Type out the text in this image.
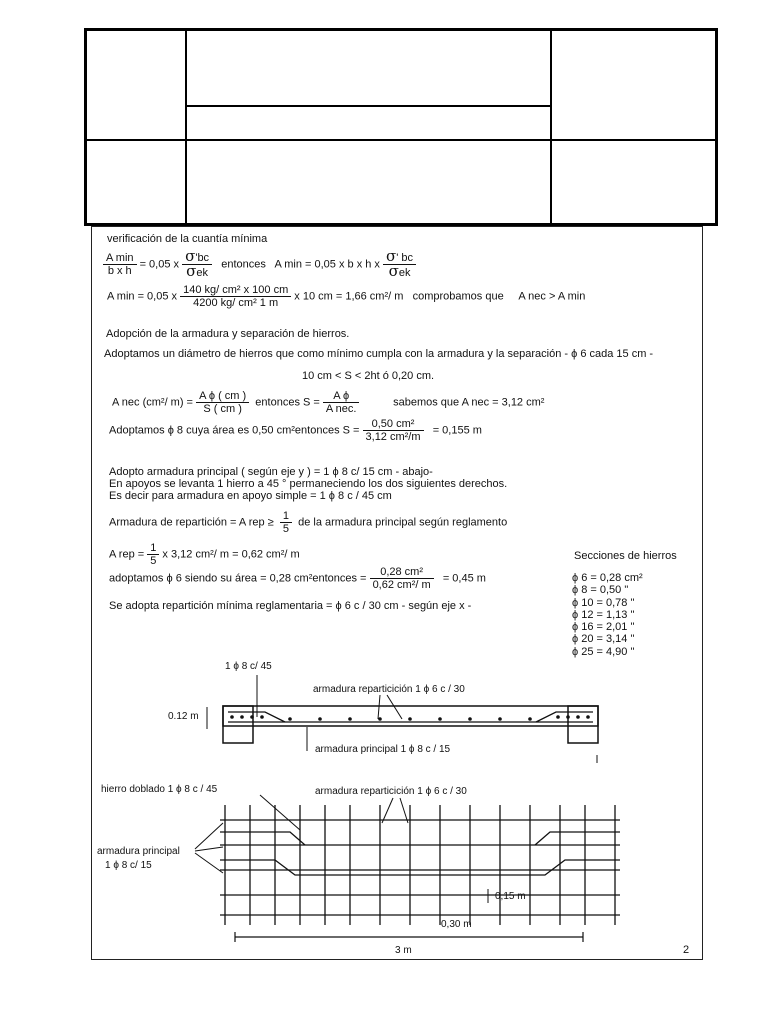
verificación de la cuantía mínima
$\frac{\text{A min}}{\text{b x h}} = 0,05$ x $\frac{\sigma'bc}{\text{σek}}$ entonces A min = 0,05 x b x h x $\frac{\sigma' bc}{\text{σek}}$
A min = 0,05 x $\frac{\text{140 kg/ cm² x 100 cm}}{\text{4200 kg/ cm² 1 m}}$ x 10 cm = 1,66 cm²/ m comprobamos que A nec > A min
Adopción de la armadura y separación de hierros.
Adoptamos un diámetro de hierros que como mínimo cumpla con la armadura y la separación - ϕ 6 cada 15 cm -
10 cm < S < 2ht ó 0,20 cm.
A nec (cm²/ $m) = \frac{\text{A ϕ ( cm )}}{S ( cm )}$ entonces $S = \frac{\text{A ϕ}}{\text{A nec.}}$	sabemos que A nec = 3,12 cm²
Adoptamos ϕ 8 cuya área es 0,50 cm²entonces $S = \frac{\text{0,50 cm²}}{\text{3,12 cm²/m}} = 0,155$ m
Adopto armadura principal ( según eje y ) = 1 ϕ 8 c/ 15 cm - abajo-
En apoyos se levanta 1 hierro a 45 ° permaneciendo los dos siguientes derechos.
Es decir para armadura en apoyo simple = 1 ϕ 8 c / 45 cm
Armadura de repartición = A rep ≥ $\frac{1}{5}$ de la armadura principal según reglamento
A rep = $\frac{1}{5}$ x 3,12 cm²/ m = 0,62 cm²/ m
adoptamos ϕ 6 siendo su área = 0,28 cm²entonces = $\frac{\text{0,28 cm²}}{\text{0,62 cm²/ m}} = 0,45$ m
Se adopta repartición mínima reglamentaria = ϕ 6 c / 30 cm - según eje x -
Secciones de hierros
ϕ 6 = 0,28 cm²
ϕ 8 = 0,50 "
ϕ 10 = 0,78 "
ϕ 12 = 1,13 "
ϕ 16 = 2,01 "
ϕ 20 = 3,14 "
ϕ 25 = 4,90 "
1 ϕ 8 c/ 45
armadura reparticición 1 ϕ 6 c / 30
0.12 m
armadura principal 1 ϕ 8 c / 15
hierro doblado 1 ϕ 8 c / 45	armadura reparticición 1 ϕ 6 c / 30
armadura principal
1 ϕ 8 c/ 15
0,15 m
0,30 m
3 m	2
